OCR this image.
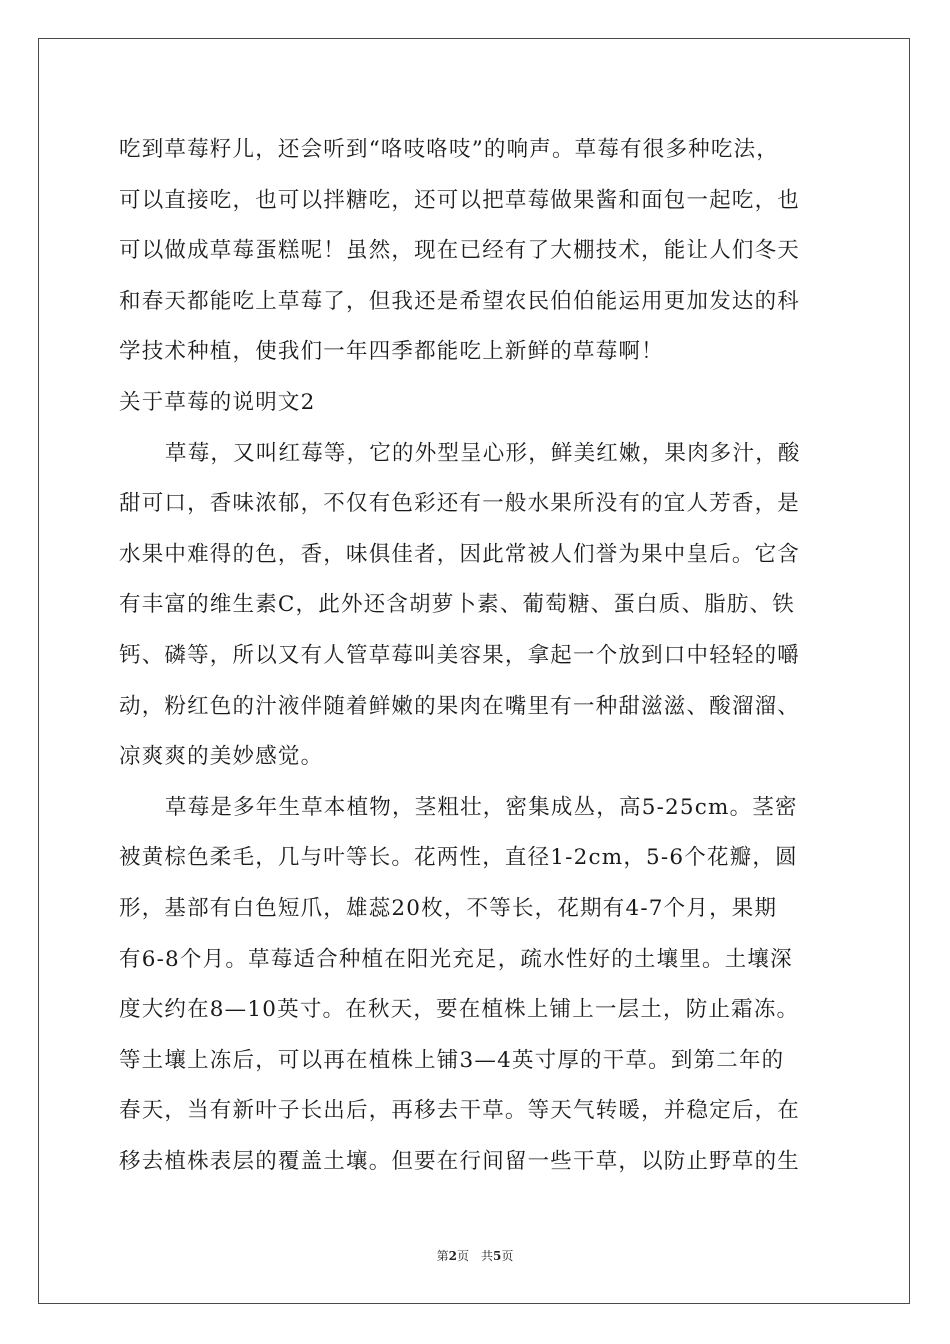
吃到草莓籽儿，还会听到“咯吱咯吱”的响声。草莓有很多种吃法，
可以直接吃，也可以拌糖吃，还可以把草莓做果酱和面包一起吃，也
可以做成草莓蛋糕呢！虽然，现在已经有了大棚技术，能让人们冬天
和春天都能吃上草莓了，但我还是希望农民伯伯能运用更加发达的科
学技术种植，使我们一年四季都能吃上新鲜的草莓啊！
关于草莓的说明文2
草莓，又叫红莓等，它的外型呈心形，鲜美红嫩，果肉多汁，酸
甜可口，香味浓郁，不仅有色彩还有一般水果所没有的宜人芳香，是
水果中难得的色，香，味俱佳者，因此常被人们誉为果中皇后。它含
有丰富的维生素C，此外还含胡萝卜素、葡萄糖、蛋白质、脂肪、铁
钙、磷等，所以又有人管草莓叫美容果，拿起一个放到口中轻轻的嚼
动，粉红色的汁液伴随着鲜嫩的果肉在嘴里有一种甜滋滋、酸溜溜、
凉爽爽的美妙感觉。
草莓是多年生草本植物，茎粗壮，密集成丛，高5-25cm。茎密
被黄棕色柔毛，几与叶等长。花两性，直径1-2cm，5-6个花瓣，圆
形，基部有白色短爪，雄蕊20枚，不等长，花期有4-7个月，果期
有6-8个月。草莓适合种植在阳光充足，疏水性好的土壤里。土壤深
度大约在8—10英寸。在秋天，要在植株上铺上一层土，防止霜冻。
等土壤上冻后，可以再在植株上铺3—4英寸厚的干草。到第二年的
春天，当有新叶子长出后，再移去干草。等天气转暖，并稳定后，在
移去植株表层的覆盖土壤。但要在行间留一些干草，以防止野草的生
第2页　共5页
